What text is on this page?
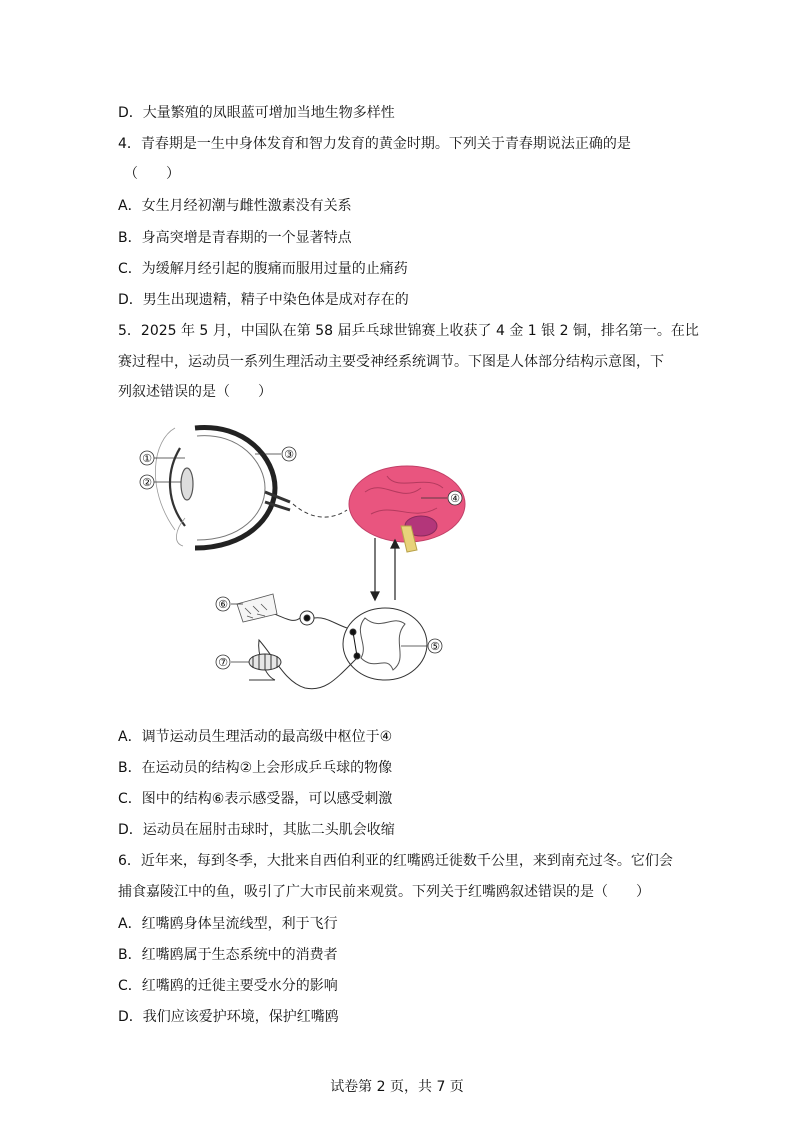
D．大量繁殖的凤眼蓝可增加当地生物多样性
4．青春期是一生中身体发育和智力发育的黄金时期。下列关于青春期说法正确的是
（　　）
A．女生月经初潮与雌性激素没有关系
B．身高突增是青春期的一个显著特点
C．为缓解月经引起的腹痛而服用过量的止痛药
D．男生出现遗精，精子中染色体是成对存在的
5．2025 年 5 月，中国队在第 58 届乒乓球世锦赛上收获了 4 金 1 银 2 铜，排名第一。在比
赛过程中，运动员一系列生理活动主要受神经系统调节。下图是人体部分结构示意图，下
列叙述错误的是（　　）
①
②
③
④
⑤
⑥
⑦
A．调节运动员生理活动的最高级中枢位于④
B．在运动员的结构②上会形成乒乓球的物像
C．图中的结构⑥表示感受器，可以感受刺激
D．运动员在屈肘击球时，其肱二头肌会收缩
6．近年来，每到冬季，大批来自西伯利亚的红嘴鸥迁徙数千公里，来到南充过冬。它们会
捕食嘉陵江中的鱼，吸引了广大市民前来观赏。下列关于红嘴鸥叙述错误的是（　　）
A．红嘴鸥身体呈流线型，利于飞行
B．红嘴鸥属于生态系统中的消费者
C．红嘴鸥的迁徙主要受水分的影响
D．我们应该爱护环境，保护红嘴鸥
试卷第 2 页，共 7 页
